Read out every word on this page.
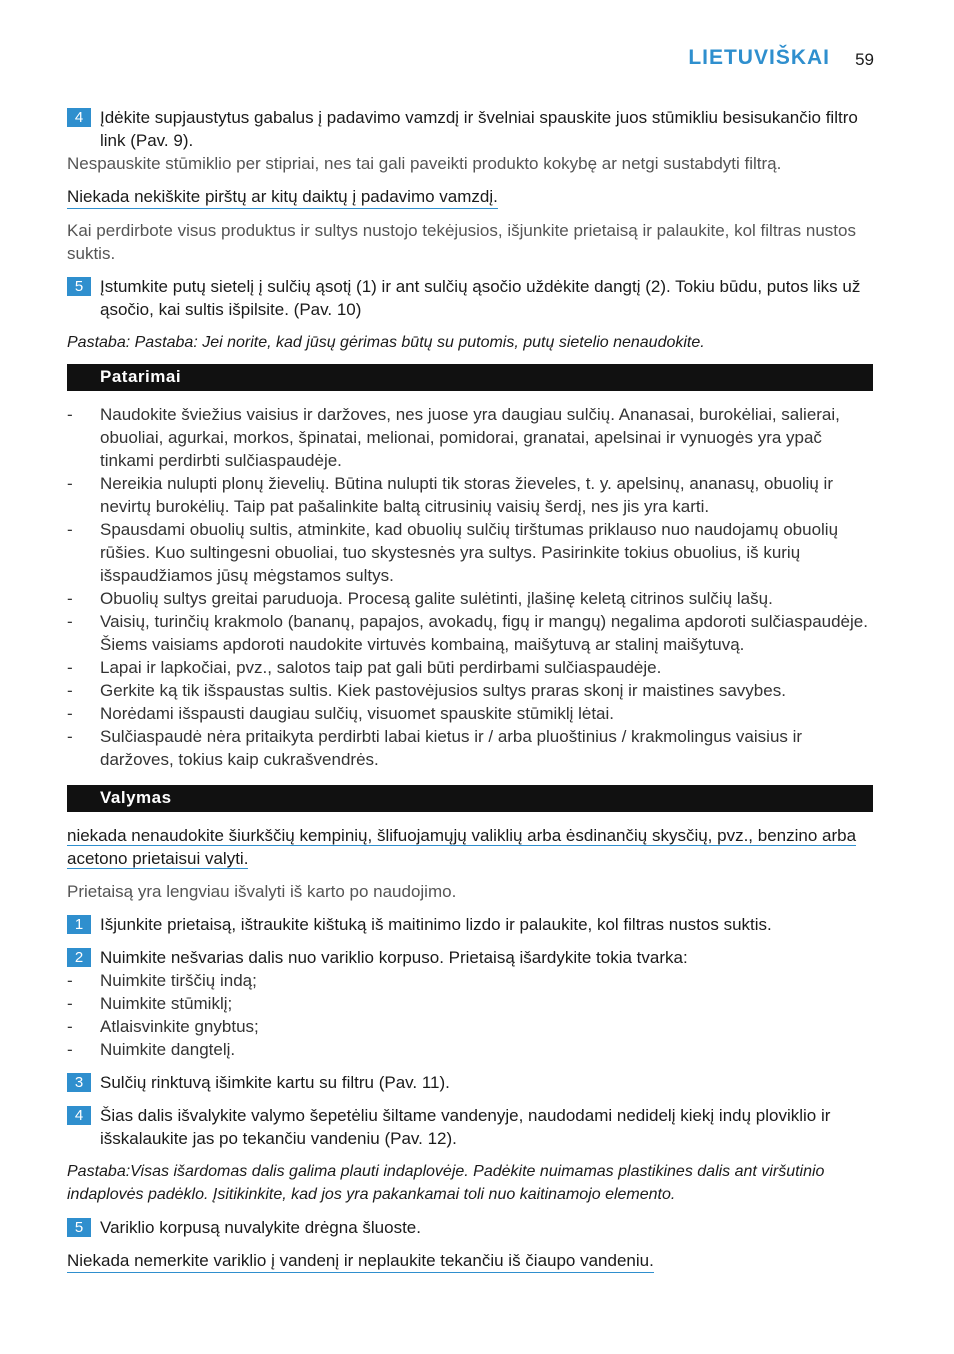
LIETUVIŠKAI 59
4 Įdėkite supjaustytus gabalus į padavimo vamzdį ir švelniai spauskite juos stūmikliu besisukančio filtro link (Pav. 9).
Nespauskite stūmiklio per stipriai, nes tai gali paveikti produkto kokybę ar netgi sustabdyti filtrą.
Niekada nekiškite pirštų ar kitų daiktų į padavimo vamzdį.
Kai perdirbote visus produktus ir sultys nustojo tekėjusios, išjunkite prietaisą ir palaukite, kol filtras nustos suktis.
5 Įstumkite putų sietelį į sulčių ąsotį (1) ir ant sulčių ąsočio uždėkite dangtį (2). Tokiu būdu, putos liks už ąsočio, kai sultis išpilsite. (Pav. 10)
Pastaba: Pastaba: Jei norite, kad jūsų gėrimas būtų su putomis, putų sietelio nenaudokite.
Patarimai
- Naudokite šviežius vaisius ir daržoves, nes juose yra daugiau sulčių. Ananasai, burokėliai, salierai, obuoliai, agurkai, morkos, špinatai, melionai, pomidorai, granatai, apelsinai ir vynuogės yra ypač tinkami perdirbti sulčiaspaudėje.
- Nereikia nulupti plonų žievelių. Būtina nulupti tik storas žieveles, t. y. apelsinų, ananasų, obuolių ir nevirtų burokėlių. Taip pat pašalinkite baltą citrusinių vaisių šerdį, nes jis yra karti.
- Spausdami obuolių sultis, atminkite, kad obuolių sulčių tirštumas priklauso nuo naudojamų obuolių rūšies. Kuo sultingesni obuoliai, tuo skystesnės yra sultys. Pasirinkite tokius obuolius, iš kurių išspaudžiamos jūsų mėgstamos sultys.
- Obuolių sultys greitai paruduoja. Procesą galite sulėtinti, įlašinę keletą citrinos sulčių lašų.
- Vaisių, turinčių krakmolo (bananų, papajos, avokadų, figų ir mangų) negalima apdoroti sulčiaspaudėje. Šiems vaisiams apdoroti naudokite virtuvės kombainą, maišytuvą ar stalinį maišytuvą.
- Lapai ir lapkočiai, pvz., salotos taip pat gali būti perdirbami sulčiaspaudėje.
- Gerkite ką tik išspaustas sultis. Kiek pastovėjusios sultys praras skonį ir maistines savybes.
- Norėdami išspausti daugiau sulčių, visuomet spauskite stūmiklį lėtai.
- Sulčiaspaudė nėra pritaikyta perdirbti labai kietus ir / arba pluoštinius / krakmolingus vaisius ir daržoves, tokius kaip cukrašvendrės.
Valymas
niekada nenaudokite šiurkščių kempinių, šlifuojamųjų valiklių arba ėsdinančių skysčių, pvz., benzino arba acetono prietaisui valyti.
Prietaisą yra lengviau išvalyti iš karto po naudojimo.
1 Išjunkite prietaisą, ištraukite kištuką iš maitinimo lizdo ir palaukite, kol filtras nustos suktis.
2 Nuimkite nešvarias dalis nuo variklio korpuso. Prietaisą išardykite tokia tvarka:
- Nuimkite tirščių indą;
- Nuimkite stūmiklį;
- Atlaisvinkite gnybtus;
- Nuimkite dangtelį.
3 Sulčių rinktuvą išimkite kartu su filtru (Pav. 11).
4 Šias dalis išvalykite valymo šepetėliu šiltame vandenyje, naudodami nedidelį kiekį indų ploviklio ir išskalaukite jas po tekančiu vandeniu (Pav. 12).
Pastaba:Visas išardomas dalis galima plauti indaplovėje. Padėkite nuimamas plastikines dalis ant viršutinio indaplovės padėklo. Įsitikinkite, kad jos yra pakankamai toli nuo kaitinamojo elemento.
5 Variklio korpusą nuvalykite drėgna šluoste.
Niekada nemerkite variklio į vandenį ir neplaukite tekančiu iš čiaupo vandeniu.
